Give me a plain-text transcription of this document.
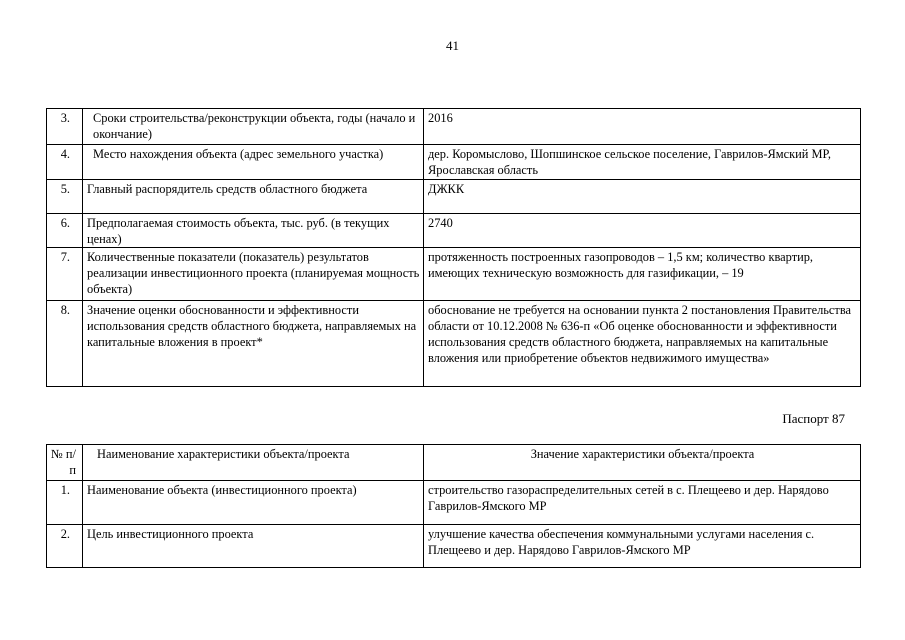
41
3.	Сроки строительства/реконструкции объекта, годы (начало и окончание)	2016
4.	Место нахождения объекта (адрес земельного участка)	дер. Коромыслово, Шопшинское сельское поселение, Гаврилов-Ямский МР, Ярославская область
5.	Главный распорядитель средств областного бюджета	ДЖКК
6.	Предполагаемая стоимость объекта, тыс. руб. (в текущих ценах)	2740
7.	Количественные показатели (показатель) результатов реализации инвестиционного проекта (планируемая мощность объекта)	протяженность построенных газопроводов – 1,5 км; количество квартир, имеющих техническую возможность для газификации, – 19
8.	Значение оценки обоснованности и эффективности использования средств областного бюджета, направляемых на капитальные вложения в проект*	обоснование не требуется на основании пункта 2 постановления Правительства области от 10.12.2008 № 636-п «Об оценке обоснованности и эффективности использования средств областного бюджета, направляемых на капитальные вложения или приобретение объектов недвижимого имущества»
Паспорт 87
№ п/п	Наименование характеристики объекта/проекта	Значение характеристики объекта/проекта
1.	Наименование объекта (инвестиционного проекта)	строительство газораспределительных сетей в с. Плещеево и дер. Нарядово Гаврилов-Ямского МР
2.	Цель инвестиционного проекта	улучшение качества обеспечения коммунальными услугами населения с. Плещеево и дер. Нарядово Гаврилов-Ямского МР
